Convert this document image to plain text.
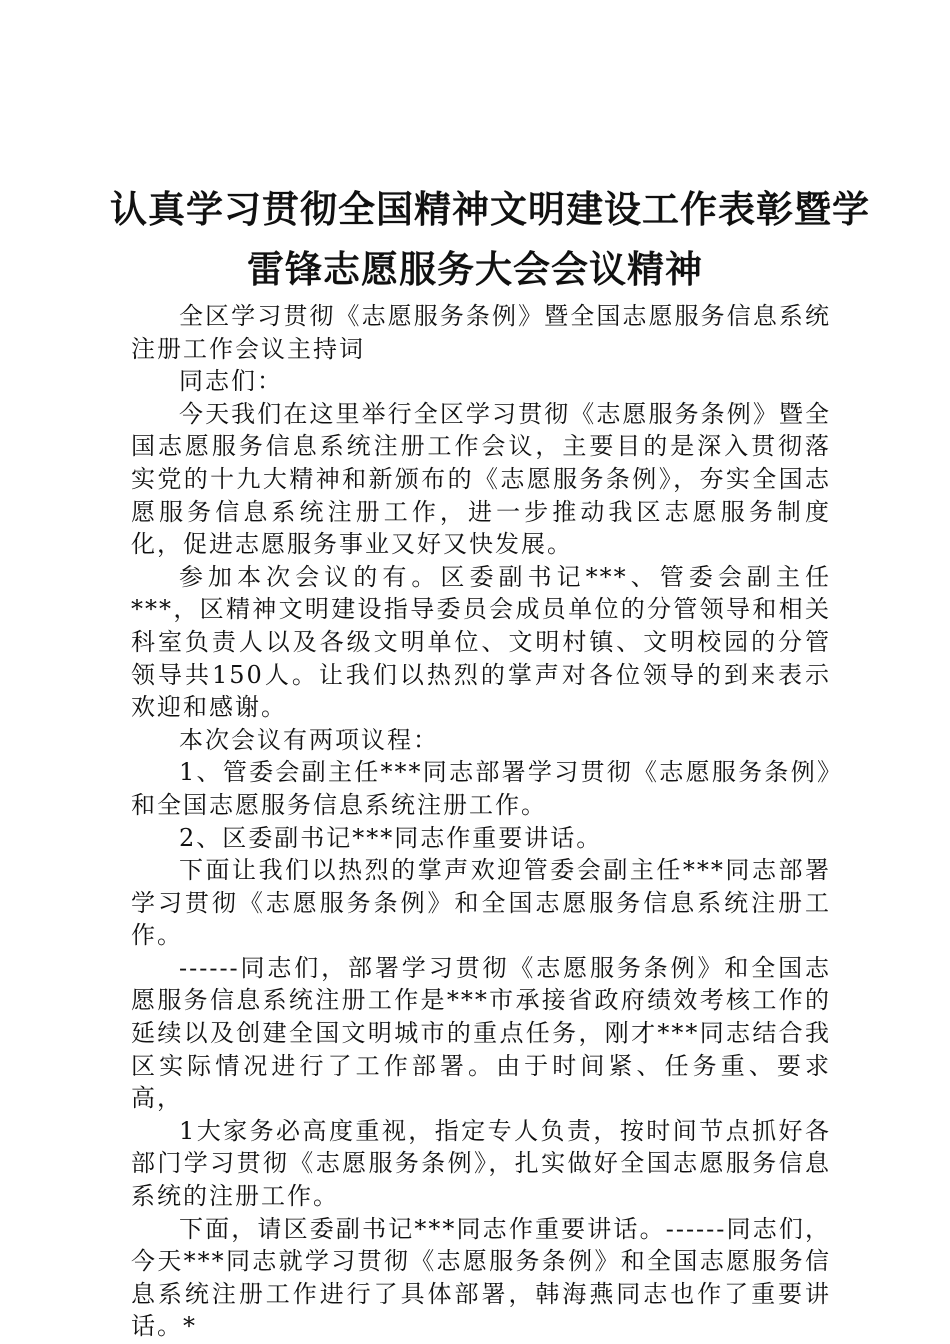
认真学习贯彻全国精神文明建设工作表彰暨学
雷锋志愿服务大会会议精神

全区学习贯彻《志愿服务条例》暨全国志愿服务信息系统注册工作会议主持词

同志们：

今天我们在这里举行全区学习贯彻《志愿服务条例》暨全国志愿服务信息系统注册工作会议，主要目的是深入贯彻落实党的十九大精神和新颁布的《志愿服务条例》，夯实全国志愿服务信息系统注册工作，进一步推动我区志愿服务制度化，促进志愿服务事业又好又快发展。

参加本次会议的有。区委副书记***、管委会副主任***，区精神文明建设指导委员会成员单位的分管领导和相关科室负责人以及各级文明单位、文明村镇、文明校园的分管领导共150人。让我们以热烈的掌声对各位领导的到来表示欢迎和感谢。

本次会议有两项议程：

1、管委会副主任***同志部署学习贯彻《志愿服务条例》和全国志愿服务信息系统注册工作。

2、区委副书记***同志作重要讲话。

下面让我们以热烈的掌声欢迎管委会副主任***同志部署学习贯彻《志愿服务条例》和全国志愿服务信息系统注册工作。

------同志们，部署学习贯彻《志愿服务条例》和全国志愿服务信息系统注册工作是***市承接省政府绩效考核工作的延续以及创建全国文明城市的重点任务，刚才***同志结合我区实际情况进行了工作部署。由于时间紧、任务重、要求高，

1大家务必高度重视，指定专人负责，按时间节点抓好各部门学习贯彻《志愿服务条例》，扎实做好全国志愿服务信息系统的注册工作。

下面，请区委副书记***同志作重要讲话。------同志们，今天***同志就学习贯彻《志愿服务条例》和全国志愿服务信息系统注册工作进行了具体部署，韩海燕同志也作了重要讲话。*
